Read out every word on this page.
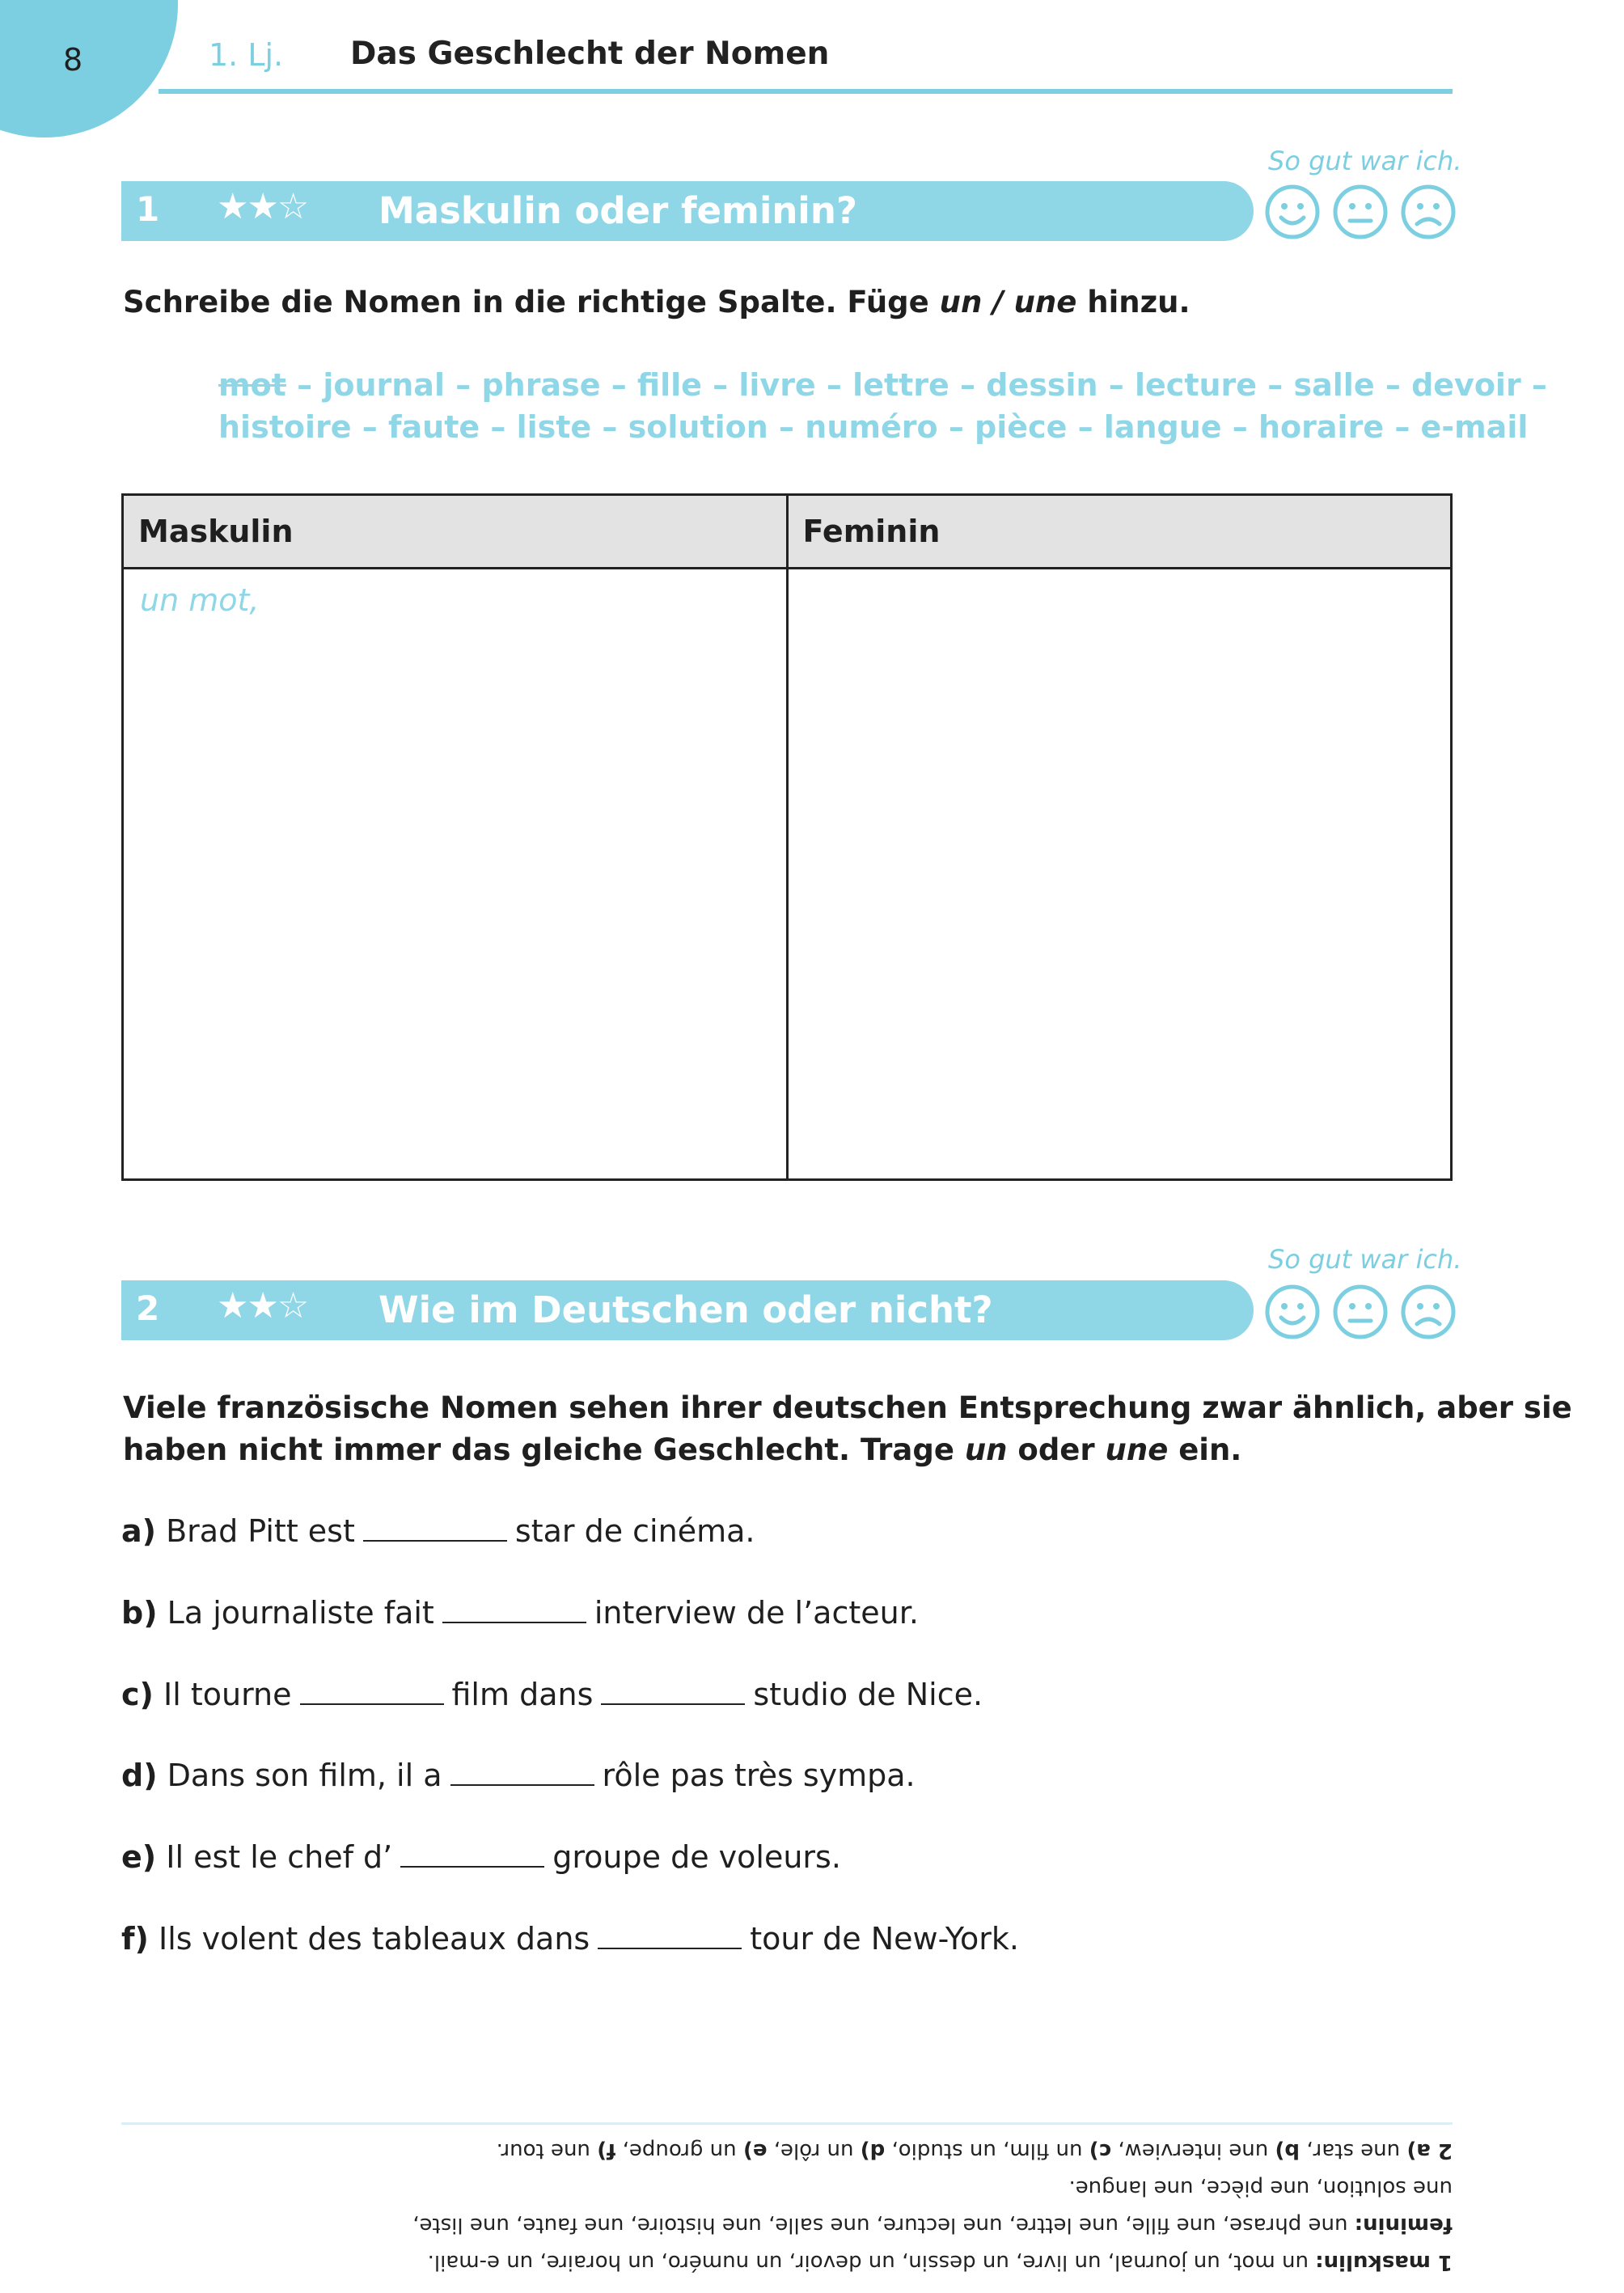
8	1. Lj. Das Geschlecht der Nomen
So gut war ich.
1 ★★☆ Maskulin oder feminin?
Schreibe die Nomen in die richtige Spalte. Füge un / une hinzu.
mot – journal – phrase – fille – livre – lettre – dessin – lecture – salle – devoir –
histoire – faute – liste – solution – numéro – pièce – langue – horaire – e-mail
Maskulin	Feminin
un mot,	
So gut war ich.
2 ★★☆ Wie im Deutschen oder nicht?
Viele französische Nomen sehen ihrer deutschen Entsprechung zwar ähnlich, aber sie
haben nicht immer das gleiche Geschlecht. Trage un oder une ein.
a) Brad Pitt est	star de cinéma.
b) La journaliste fait	interview de l’acteur.
c) Il tourne	film dans	studio de Nice.
d) Dans son film, il a	rôle pas très sympa.
e) Il est le chef d’	groupe de voleurs.
f) Ils volent des tableaux dans	tour de New-York.
1 maskulin: un mot, un journal, un livre, un dessin, un devoir, un numéro, un horaire, un e-mail.
feminin: une phrase, une fille, une lettre, une lecture, une salle, une histoire, une faute, une liste,
une solution, une pièce, une langue.
2 a) une star, b) une interview, c) un film, un studio, d) un rôle, e) un groupe, f) une tour.
